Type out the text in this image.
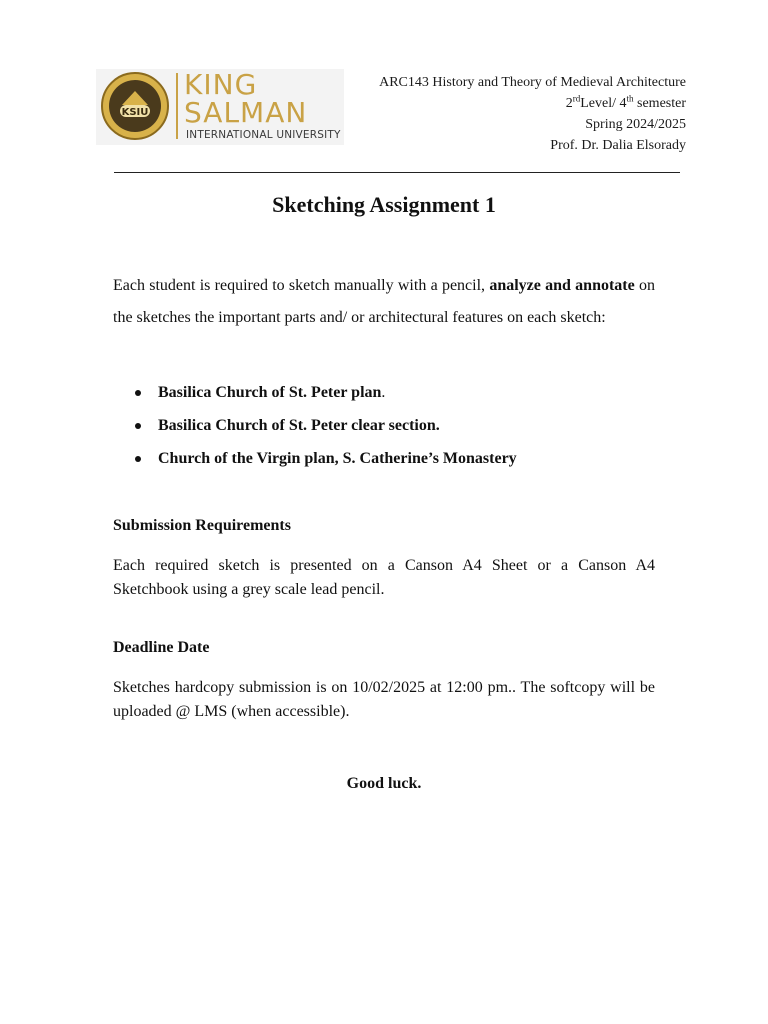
KSIU
KING
SALMAN
INTERNATIONAL UNIVERSITY
ARC143 History and Theory of Medieval Architecture
2rdLevel/ 4th semester
Spring 2024/2025
Prof. Dr. Dalia Elsorady
Sketching Assignment 1
Each student is required to sketch manually with a pencil, analyze and annotate on the sketches the important parts and/ or architectural features on each sketch:
Basilica Church of St. Peter plan.
Basilica Church of St. Peter clear section.
Church of the Virgin plan, S. Catherine’s Monastery
Submission Requirements
Each required sketch is presented on a Canson A4 Sheet or a Canson A4 Sketchbook using a grey scale lead pencil.
Deadline Date
Sketches hardcopy submission is on 10/02/2025 at 12:00 pm.. The softcopy will be uploaded @ LMS (when accessible).
Good luck.
